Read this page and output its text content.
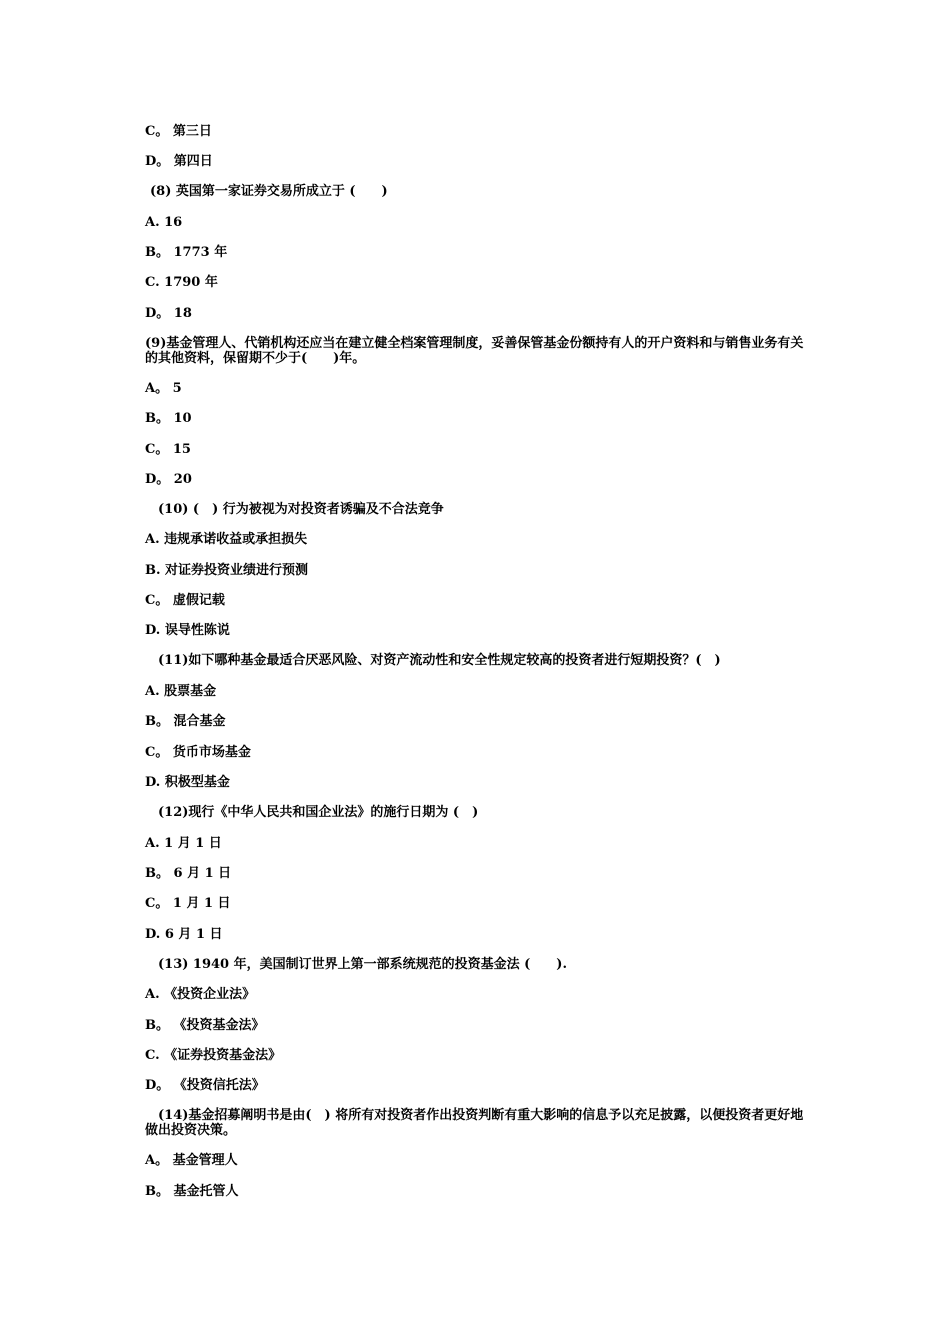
C。 第三日
D。 第四日
(8) 英国第一家证券交易所成立于 (　　)
A. 16
B。 1773 年
C. 1790 年
D。 18
(9)基金管理人、代销机构还应当在建立健全档案管理制度，妥善保管基金份额持有人的开户资料和与销售业务有关的其他资料，保留期不少于(　　)年。
A。 5
B。 10
C。 15
D。 20
(10) (　) 行为被视为对投资者诱骗及不合法竞争
A. 违规承诺收益或承担损失
B. 对证券投资业绩进行预测
C。 虚假记载
D. 误导性陈说
(11)如下哪种基金最适合厌恶风险、对资产流动性和安全性规定较高的投资者进行短期投资？(　)
A. 股票基金
B。 混合基金
C。 货币市场基金
D. 积极型基金
(12)现行《中华人民共和国企业法》的施行日期为 (　)
A. 1 月 1 日
B。 6 月 1 日
C。 1 月 1 日
D. 6 月 1 日
(13) 1940 年，美国制订世界上第一部系统规范的投资基金法 (　　).
A. 《投资企业法》
B。 《投资基金法》
C. 《证券投资基金法》
D。 《投资信托法》
(14)基金招募阐明书是由(　) 将所有对投资者作出投资判断有重大影响的信息予以充足披露，以便投资者更好地做出投资决策。
A。 基金管理人
B。 基金托管人
